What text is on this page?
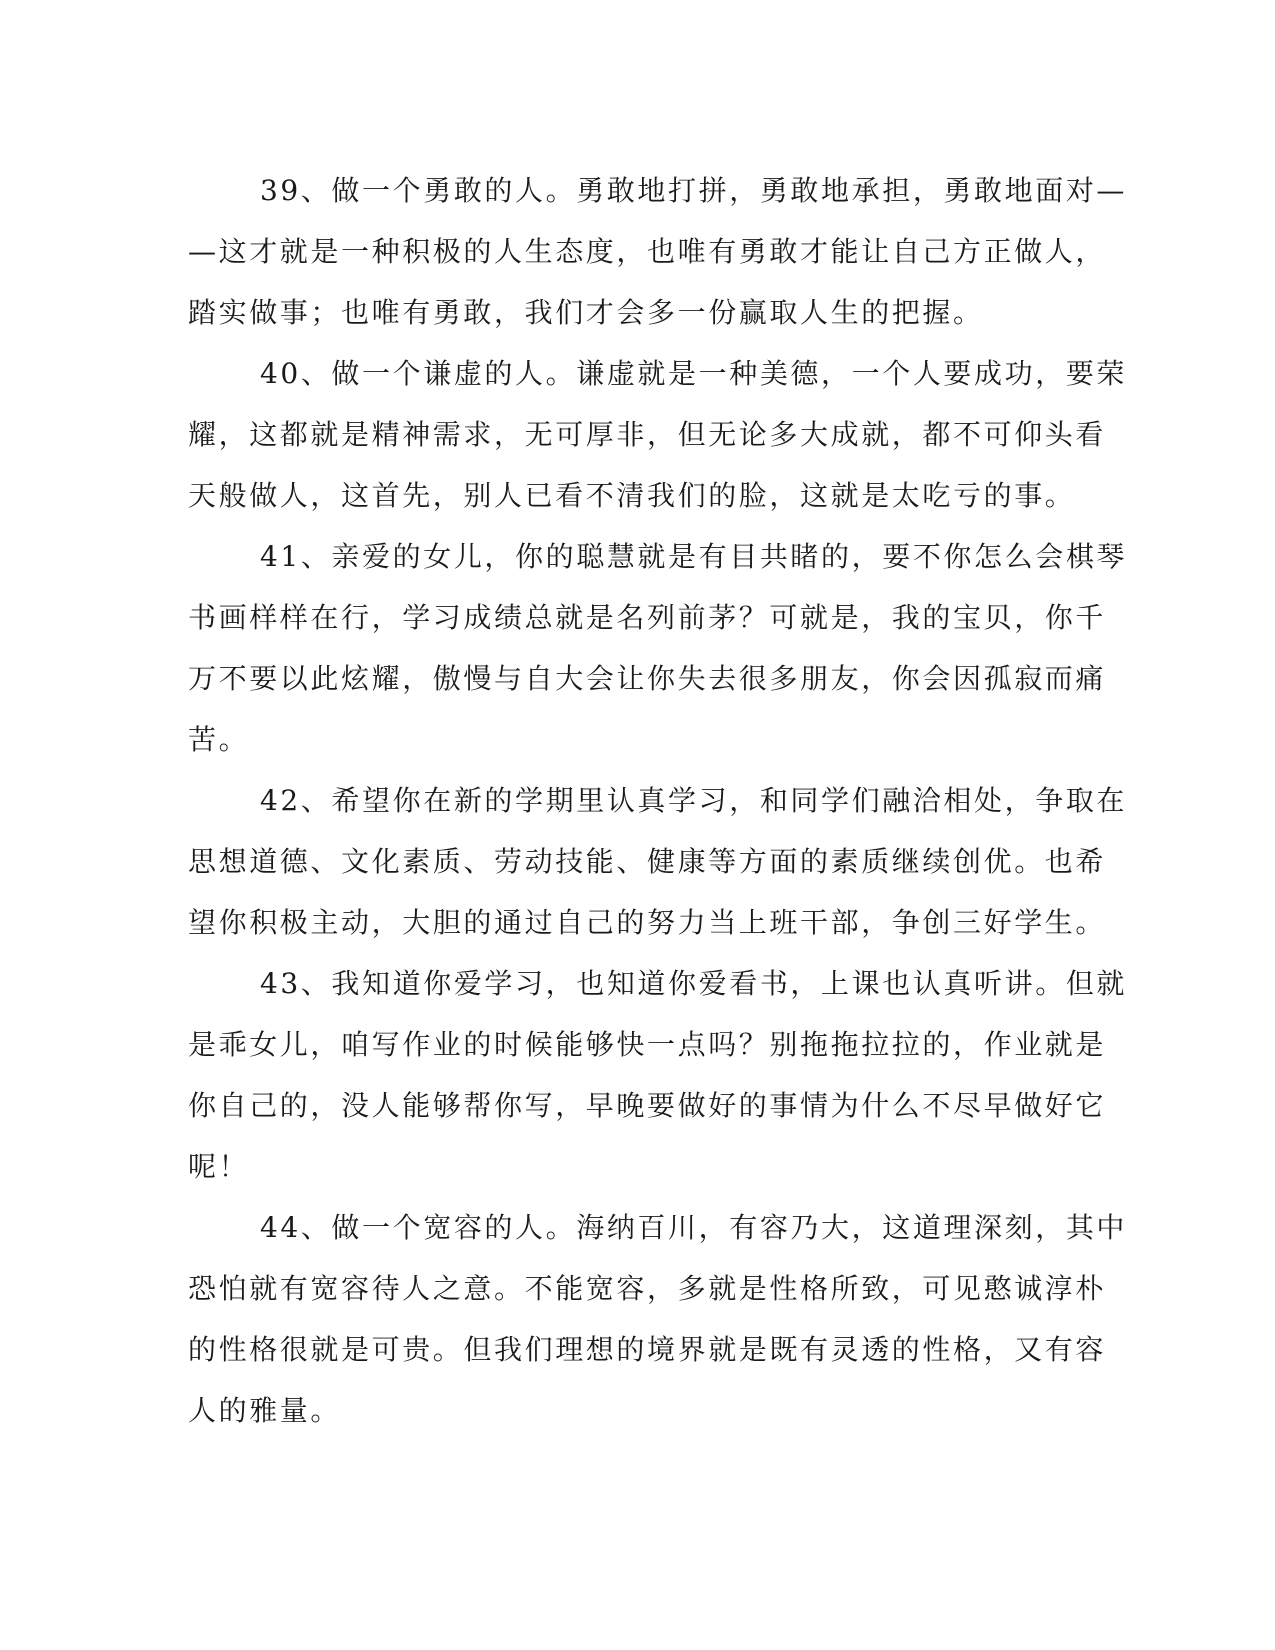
39、做一个勇敢的人。勇敢地打拼，勇敢地承担，勇敢地面对—
—这才就是一种积极的人生态度，也唯有勇敢才能让自己方正做人，
踏实做事；也唯有勇敢，我们才会多一份赢取人生的把握。

40、做一个谦虚的人。谦虚就是一种美德，一个人要成功，要荣
耀，这都就是精神需求，无可厚非，但无论多大成就，都不可仰头看
天般做人，这首先，别人已看不清我们的脸，这就是太吃亏的事。

41、亲爱的女儿，你的聪慧就是有目共睹的，要不你怎么会棋琴
书画样样在行，学习成绩总就是名列前茅？可就是，我的宝贝，你千
万不要以此炫耀，傲慢与自大会让你失去很多朋友，你会因孤寂而痛
苦。

42、希望你在新的学期里认真学习，和同学们融洽相处，争取在
思想道德、文化素质、劳动技能、健康等方面的素质继续创优。也希
望你积极主动，大胆的通过自己的努力当上班干部，争创三好学生。

43、我知道你爱学习，也知道你爱看书，上课也认真听讲。但就
是乖女儿，咱写作业的时候能够快一点吗？别拖拖拉拉的，作业就是
你自己的，没人能够帮你写，早晚要做好的事情为什么不尽早做好它
呢！

44、做一个宽容的人。海纳百川，有容乃大，这道理深刻，其中
恐怕就有宽容待人之意。不能宽容，多就是性格所致，可见憨诚淳朴
的性格很就是可贵。但我们理想的境界就是既有灵透的性格，又有容
人的雅量。
